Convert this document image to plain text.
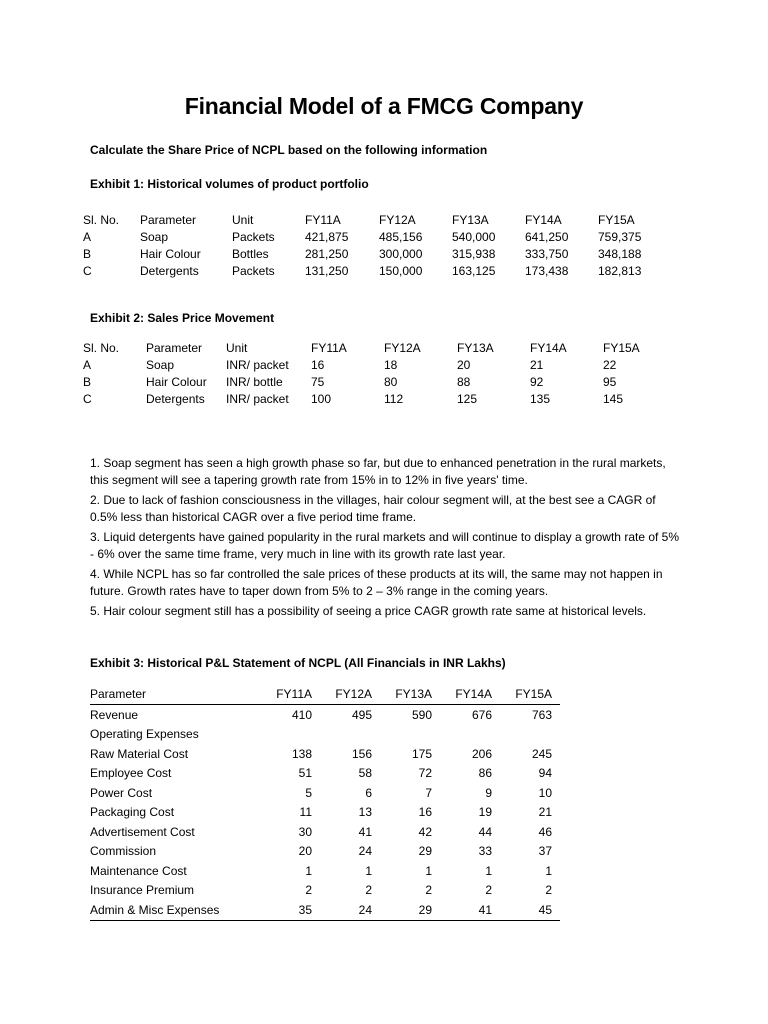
Financial Model of a FMCG Company
Calculate the Share Price of NCPL based on the following information
Exhibit 1: Historical volumes of product portfolio
Sl. No.	Parameter	Unit	FY11A	FY12A	FY13A	FY14A	FY15A
A	Soap	Packets	421,875	485,156	540,000	641,250	759,375
B	Hair Colour	Bottles	281,250	300,000	315,938	333,750	348,188
C	Detergents	Packets	131,250	150,000	163,125	173,438	182,813
Exhibit 2: Sales Price Movement
Sl. No.	Parameter	Unit	FY11A	FY12A	FY13A	FY14A	FY15A
A	Soap	INR/ packet	16	18	20	21	22
B	Hair Colour	INR/ bottle	75	80	88	92	95
C	Detergents	INR/ packet	100	112	125	135	145

1. Soap segment has seen a high growth phase so far, but due to enhanced penetration in the rural markets, this segment will see a tapering growth rate from 15% in to 12% in five years' time.

2. Due to lack of fashion consciousness in the villages, hair colour segment will, at the best see a CAGR of 0.5% less than historical CAGR over a five period time frame.

3. Liquid detergents have gained popularity in the rural markets and will continue to display a growth rate of 5% - 6% over the same time frame, very much in line with its growth rate last year.

4. While NCPL has so far controlled the sale prices of these products at its will, the same may not happen in future. Growth rates have to taper down from 5% to 2 – 3% range in the coming years.

5. Hair colour segment still has a possibility of seeing a price CAGR growth rate same at historical levels.

Exhibit 3: Historical P&L Statement of NCPL (All Financials in INR Lakhs)
Parameter	FY11A	FY12A	FY13A	FY14A	FY15A
Revenue	410	495	590	676	763
Operating Expenses					
Raw Material Cost	138	156	175	206	245
Employee Cost	51	58	72	86	94
Power Cost	5	6	7	9	10
Packaging Cost	11	13	16	19	21
Advertisement Cost	30	41	42	44	46
Commission	20	24	29	33	37
Maintenance Cost	1	1	1	1	1
Insurance Premium	2	2	2	2	2
Admin & Misc Expenses	35	24	29	41	45
